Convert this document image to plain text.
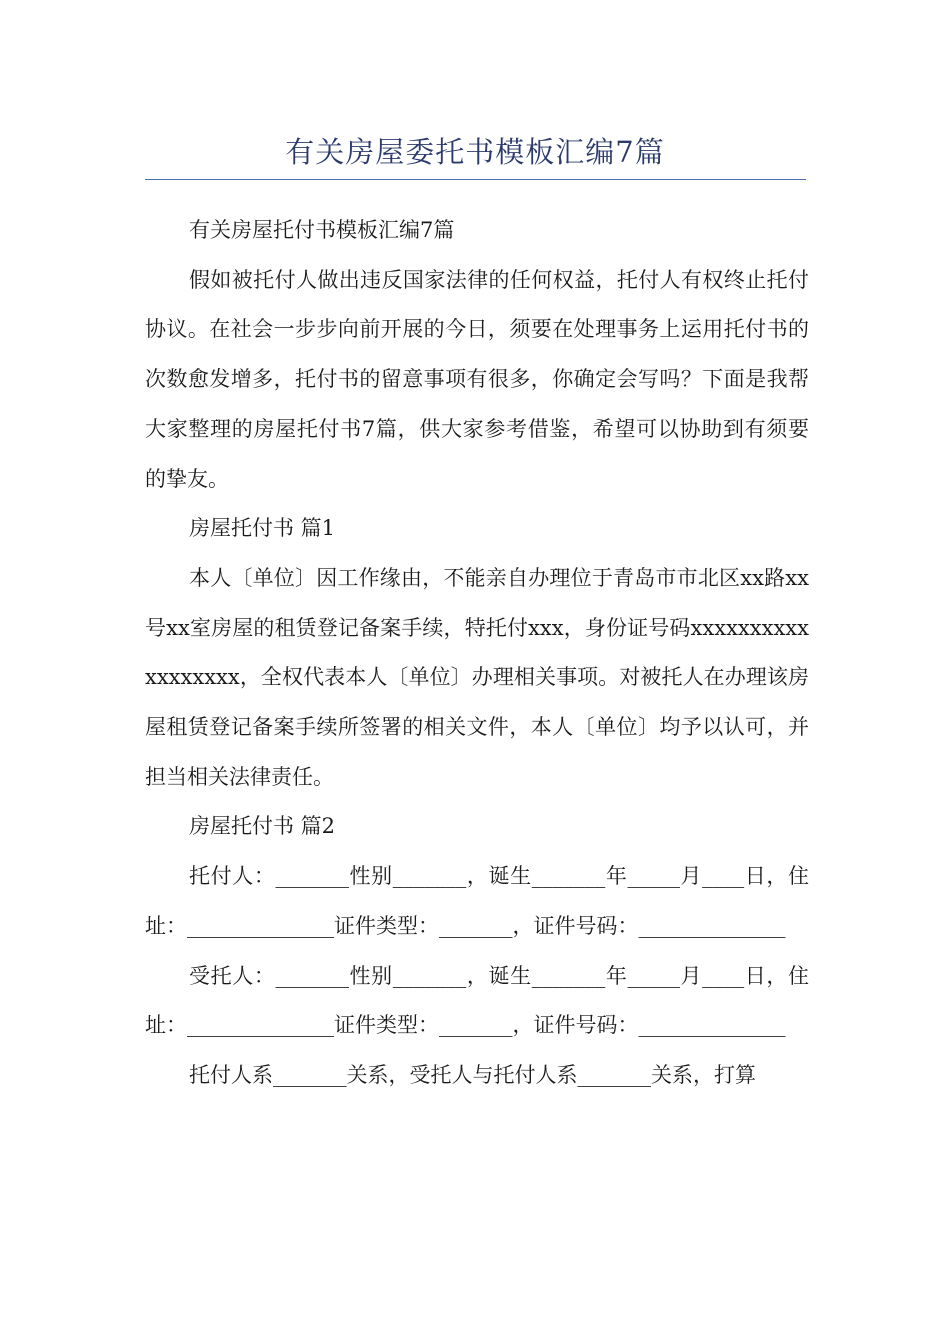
有关房屋委托书模板汇编7篇

有关房屋托付书模板汇编7篇

假如被托付人做出违反国家法律的任何权益，托付人有权终止托付协议。在社会一步步向前开展的今日，须要在处理事务上运用托付书的次数愈发增多，托付书的留意事项有很多，你确定会写吗？下面是我帮大家整理的房屋托付书7篇，供大家参考借鉴，希望可以协助到有须要的挚友。

房屋托付书 篇1

本人〔单位〕因工作缘由，不能亲自办理位于青岛市市北区xx路xx号xx室房屋的租赁登记备案手续，特托付xxx，身份证号码xxxxxxxxxxxxxxxxxx，全权代表本人〔单位〕办理相关事项。对被托人在办理该房屋租赁登记备案手续所签署的相关文件，本人〔单位〕均予以认可，并担当相关法律责任。

房屋托付书 篇2

托付人：_______性别_______，诞生_______年_____月____日，住址：______________证件类型：_______，证件号码：______________

受托人：_______性别_______，诞生_______年_____月____日，住址：______________证件类型：_______，证件号码：______________

托付人系_______关系，受托人与托付人系_______关系，打算
